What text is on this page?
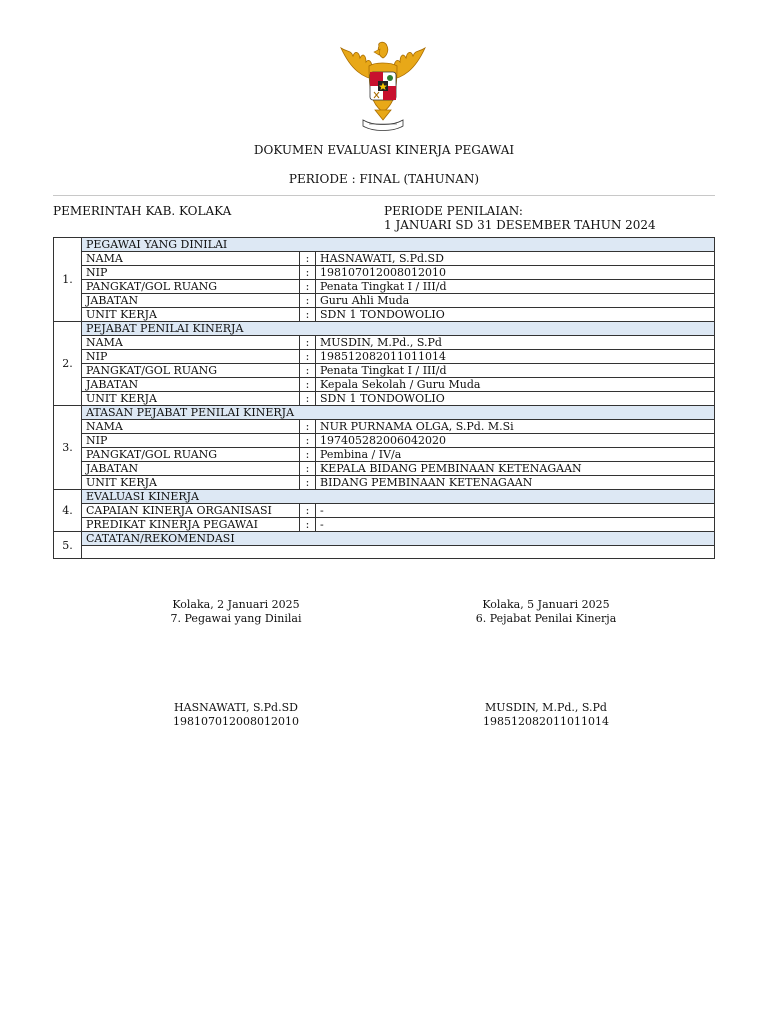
DOKUMEN EVALUASI KINERJA PEGAWAI
PERIODE : FINAL (TAHUNAN)
PEMERINTAH KAB. KOLAKA	PERIODE PENILAIAN:
1 JANUARI SD 31 DESEMBER TAHUN 2024
1.	PEGAWAI YANG DINILAI		
	NAMA	:	HASNAWATI, S.Pd.SD
	NIP	:	198107012008012010
	PANGKAT/GOL RUANG	:	Penata Tingkat I / III/d
	JABATAN	:	Guru Ahli Muda
	UNIT KERJA	:	SDN 1 TONDOWOLIO
2.	PEJABAT PENILAI KINERJA		
	NAMA	:	MUSDIN, M.Pd., S.Pd
	NIP	:	198512082011011014
	PANGKAT/GOL RUANG	:	Penata Tingkat I / III/d
	JABATAN	:	Kepala Sekolah / Guru Muda
	UNIT KERJA	:	SDN 1 TONDOWOLIO
3.	ATASAN PEJABAT PENILAI KINERJA		
	NAMA	:	NUR PURNAMA OLGA, S.Pd. M.Si
	NIP	:	197405282006042020
	PANGKAT/GOL RUANG	:	Pembina / IV/a
	JABATAN	:	KEPALA BIDANG PEMBINAAN KETENAGAAN
	UNIT KERJA	:	BIDANG PEMBINAAN KETENAGAAN
4.	EVALUASI KINERJA		
	CAPAIAN KINERJA ORGANISASI	:	-
	PREDIKAT KINERJA PEGAWAI	:	-
5.	CATATAN/REKOMENDASI		

Kolaka, 2 Januari 2025
7. Pegawai yang Dinilai
HASNAWATI, S.Pd.SD
198107012008012010
Kolaka, 5 Januari 2025
6. Pejabat Penilai Kinerja
MUSDIN, M.Pd., S.Pd
198512082011011014
